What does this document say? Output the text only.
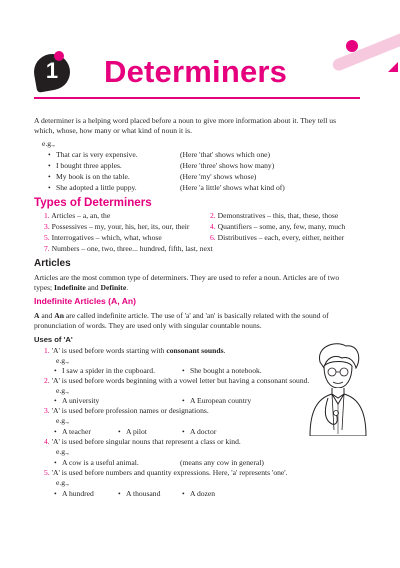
1	Determiners
A determiner is a helping word placed before a noun to give more information about it. They tell us
which, whose, how many or what kind of noun it is.
e.g.,
• That car is very expensive.	(Here 'that' shows which one)
• I bought three apples.	(Here 'three' shows how many)
• My book is on the table.	(Here 'my' shows whose)
• She adopted a little puppy.	(Here 'a little' shows what kind of)
Types of Determiners
1. Articles – a, an, the	2. Demonstratives – this, that, these, those
3. Possessives – my, your, his, her, its, our, their	4. Quantifiers – some, any, few, many, much
5. Interrogatives – which, what, whose	6. Distributives – each, every, either, neither
7. Numbers – one, two, three... hundred, fifth, last, next
Articles
Articles are the most common type of determiners. They are used to refer a noun. Articles are of two
types; Indefinite and Definite.
Indefinite Articles (A, An)
A and An are called indefinite article. The use of 'a' and 'an' is basically related with the sound of
pronunciation of words. They are used only with singular countable nouns.
Uses of 'A'
1. 'A' is used before words starting with consonant sounds.
e.g.,
• I saw a spider in the cupboard.	• She bought a notebook.
2. 'A' is used before words beginning with a vowel letter but having a consonant sound.
e.g.,
• A university	• A European country
3. 'A' is used before profession names or designations.
e.g.,
• A teacher	• A pilot	• A doctor
4. 'A' is used before singular nouns that represent a class or kind.
e.g.,
• A cow is a useful animal.	(means any cow in general)
5. 'A' is used before numbers and quantity expressions. Here, 'a' represents 'one'.
e.g.,
• A hundred	• A thousand	• A dozen
